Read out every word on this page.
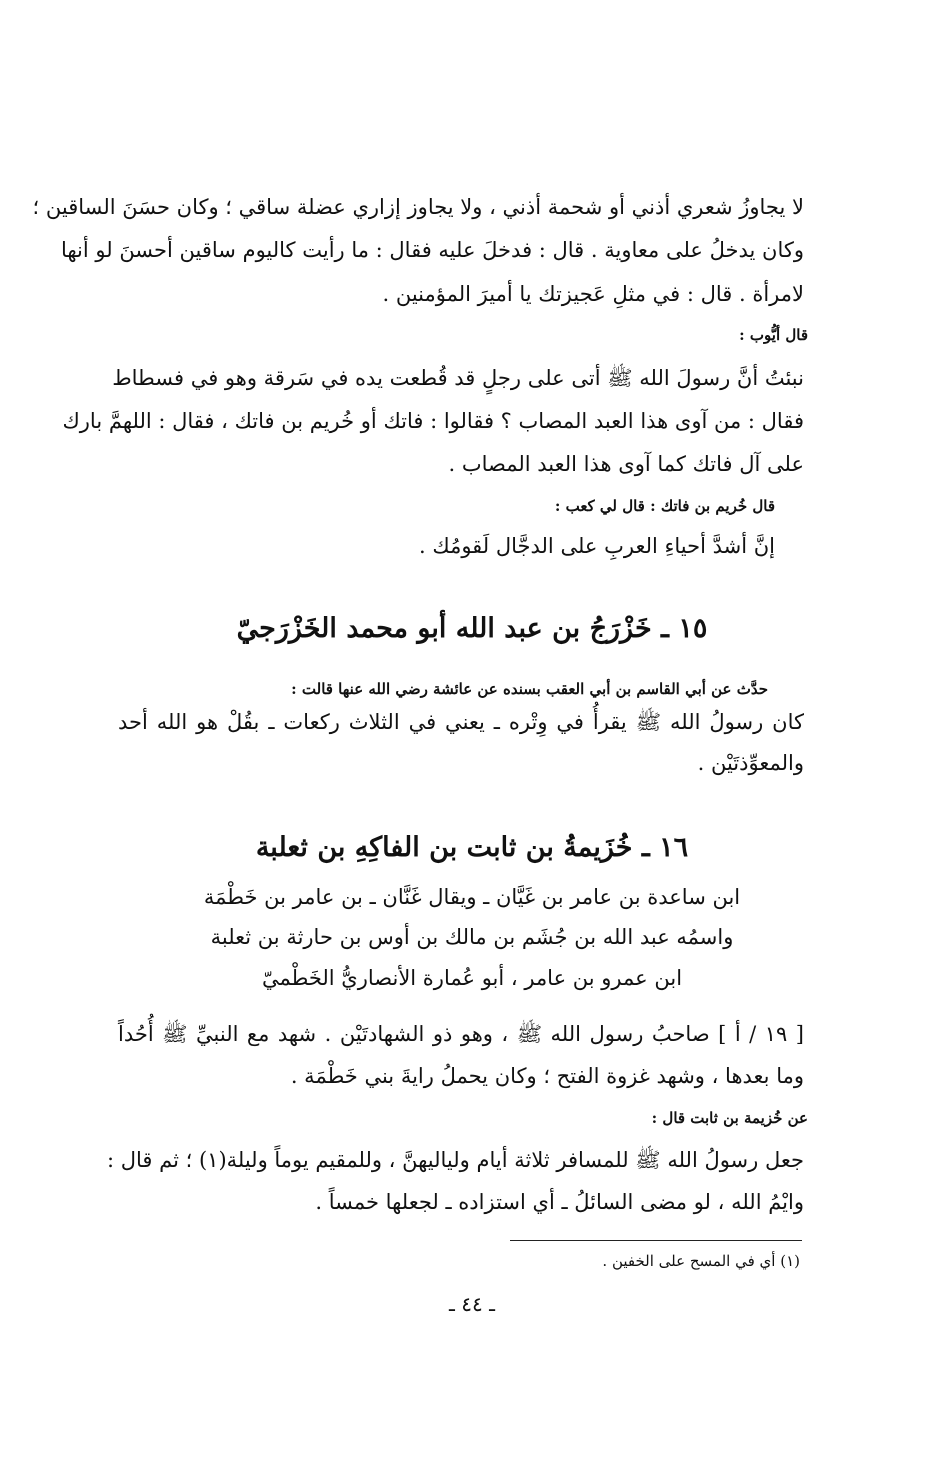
لا يجاوزُ شعري أذني أو شحمة أذني ، ولا يجاوز إزاري عضلة ساقي ؛ وكان حسَنَ الساقين ؛
وكان يدخلُ على معاوية . قال : فدخلَ عليه فقال : ما رأيت كاليوم ساقين أحسنَ لو أنها
لامرأة . قال : في مثلِ عَجيزتك يا أميرَ المؤمنين .
قال أيُّوب :
نبئتُ أنَّ رسولَ الله ﷺ أتى على رجلٍ قد قُطعت يده في سَرقة وهو في فسطاط
فقال : من آوى هذا العبد المصاب ؟ فقالوا : فاتك أو خُريم بن فاتك ، فقال : اللهمَّ بارك
على آل فاتك كما آوى هذا العبد المصاب .
قال خُريم بن فاتك : قال لي كعب :
إنَّ أشدَّ أحياءِ العربِ على الدجَّال لَقومُك .
١٥ ـ خَزْرَجُ بن عبد الله أبو محمد الخَزْرَجيّ
حدَّث عن أبي القاسم بن أبي العقب بسنده عن عائشة رضي الله عنها قالت :
كان رسولُ الله ﷺ يقرأُ في وِتْره ـ يعني في الثلاث ركعات ـ بقُلْ هو الله أحد
والمعوِّذتَيْن .
١٦ ـ خُزَيمةُ بن ثابت بن الفاكِهِ بن ثعلبة
ابن ساعدة بن عامر بن غَيَّان ـ ويقال غَنَّان ـ بن عامر بن خَطْمَة
واسمُه عبد الله بن جُشَم بن مالك بن أوس بن حارثة بن ثعلبة
ابن عمرو بن عامر ، أبو عُمارة الأنصاريُّ الخَطْميّ
[ ١٩ / أ ] صاحبُ رسول الله ﷺ ، وهو ذو الشهادتَيْن . شهد مع النبيِّ ﷺ أُحُداً
وما بعدها ، وشهد غزوة الفتح ؛ وكان يحملُ رايةَ بني خَطْمَة .
عن خُزيمة بن ثابت قال :
جعل رسولُ الله ﷺ للمسافر ثلاثة أيام ولياليهنَّ ، وللمقيم يوماً وليلة(١) ؛ ثم قال :
وايْمُ الله ، لو مضى السائلُ ـ أي استزاده ـ لجعلها خمساً .
(١) أي في المسح على الخفين .
ـ ٤٤ ـ
